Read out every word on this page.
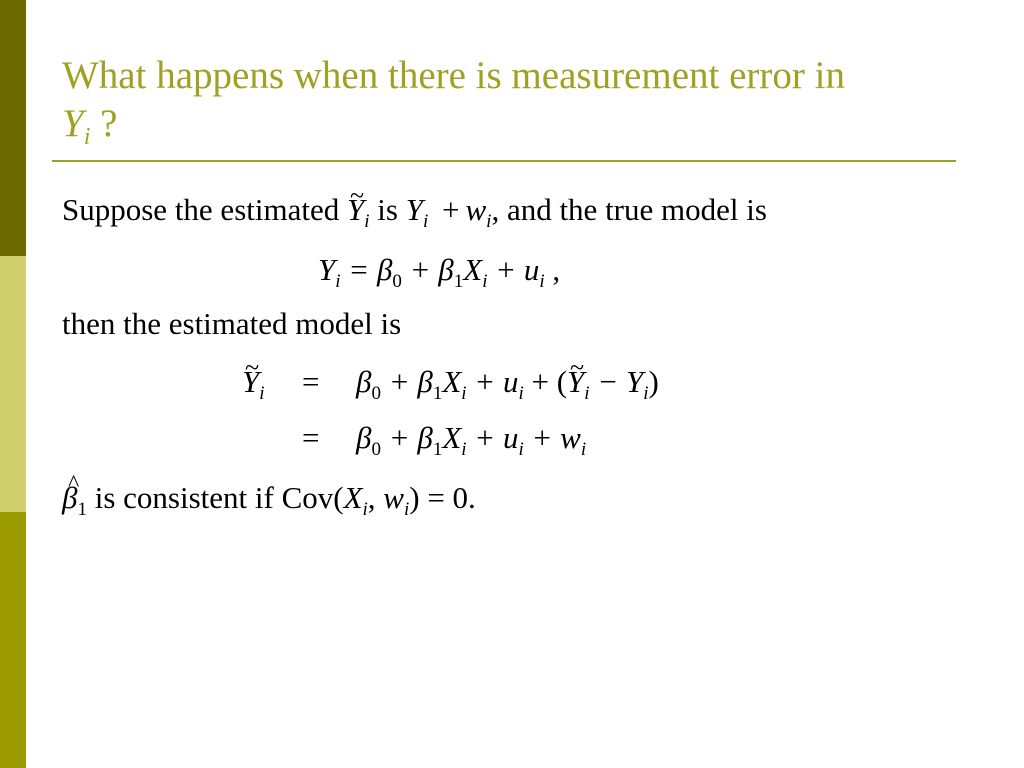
What happens when there is measurement error in
$Y_i$ ?
Suppose the estimated ~ $Y_i$ is $Y_i + w_i$, and the true model is
$Y_i = \beta_0 + \beta_1X_i + u_i$ ,
then the estimated model is
~ $Y_i = \beta_0 + \beta_1X_i + u_i$ + (~ $Y_i - Y_i$)
= $\beta_0 + \beta_1X_i + u_i + w_i$
^ $\beta_1$ is consistent if $Cov(X_i$, $w_i) = 0$.
